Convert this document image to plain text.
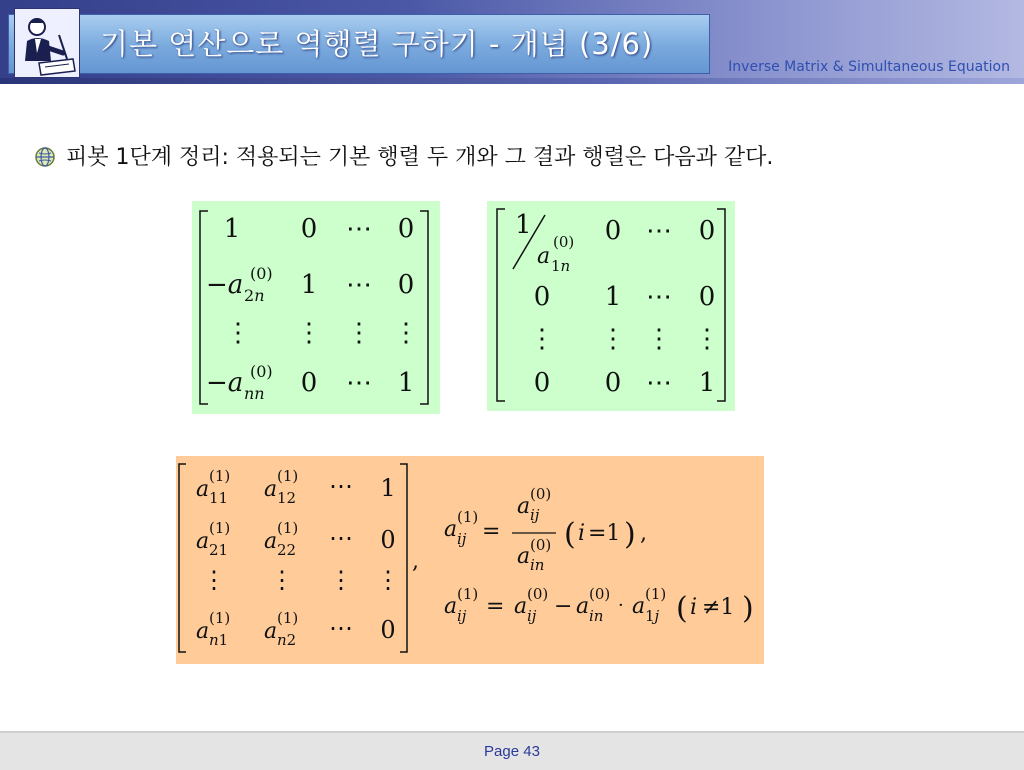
기본 연산으로 역행렬 구하기 - 개념 (3/6)
Inverse Matrix & Simultaneous Equation
피봇 1단계 정리: 적용되는 기본 행렬 두 개와 그 결과 행렬은 다음과 같다.
1 0 ⋯ 0
−a (0)
2n 1 ⋯ 0
⋮ ⋮ ⋮ ⋮
−a (0)
nn 0 ⋯ 1
1
a
(0)
1n
0 ⋯ 0
0 1 ⋯ 0
⋮ ⋮ ⋮ ⋮
0 0 ⋯ 1
a
(1)
11 a
(1)
12 ⋯ 1
a
(1)
21 a
(1)
22 ⋯ 0
⋮ ⋮ ⋮ ⋮
a
(1)
n1 a
(1)
n2 ⋯ 0
,
a (1)
ij =
a (0)
ij
a (0)
in
( i =1 ) ,
a (1)
ij = a (0)
ij − a (0)
in · a (1)
1j ( i ≠1 )
Page 43
